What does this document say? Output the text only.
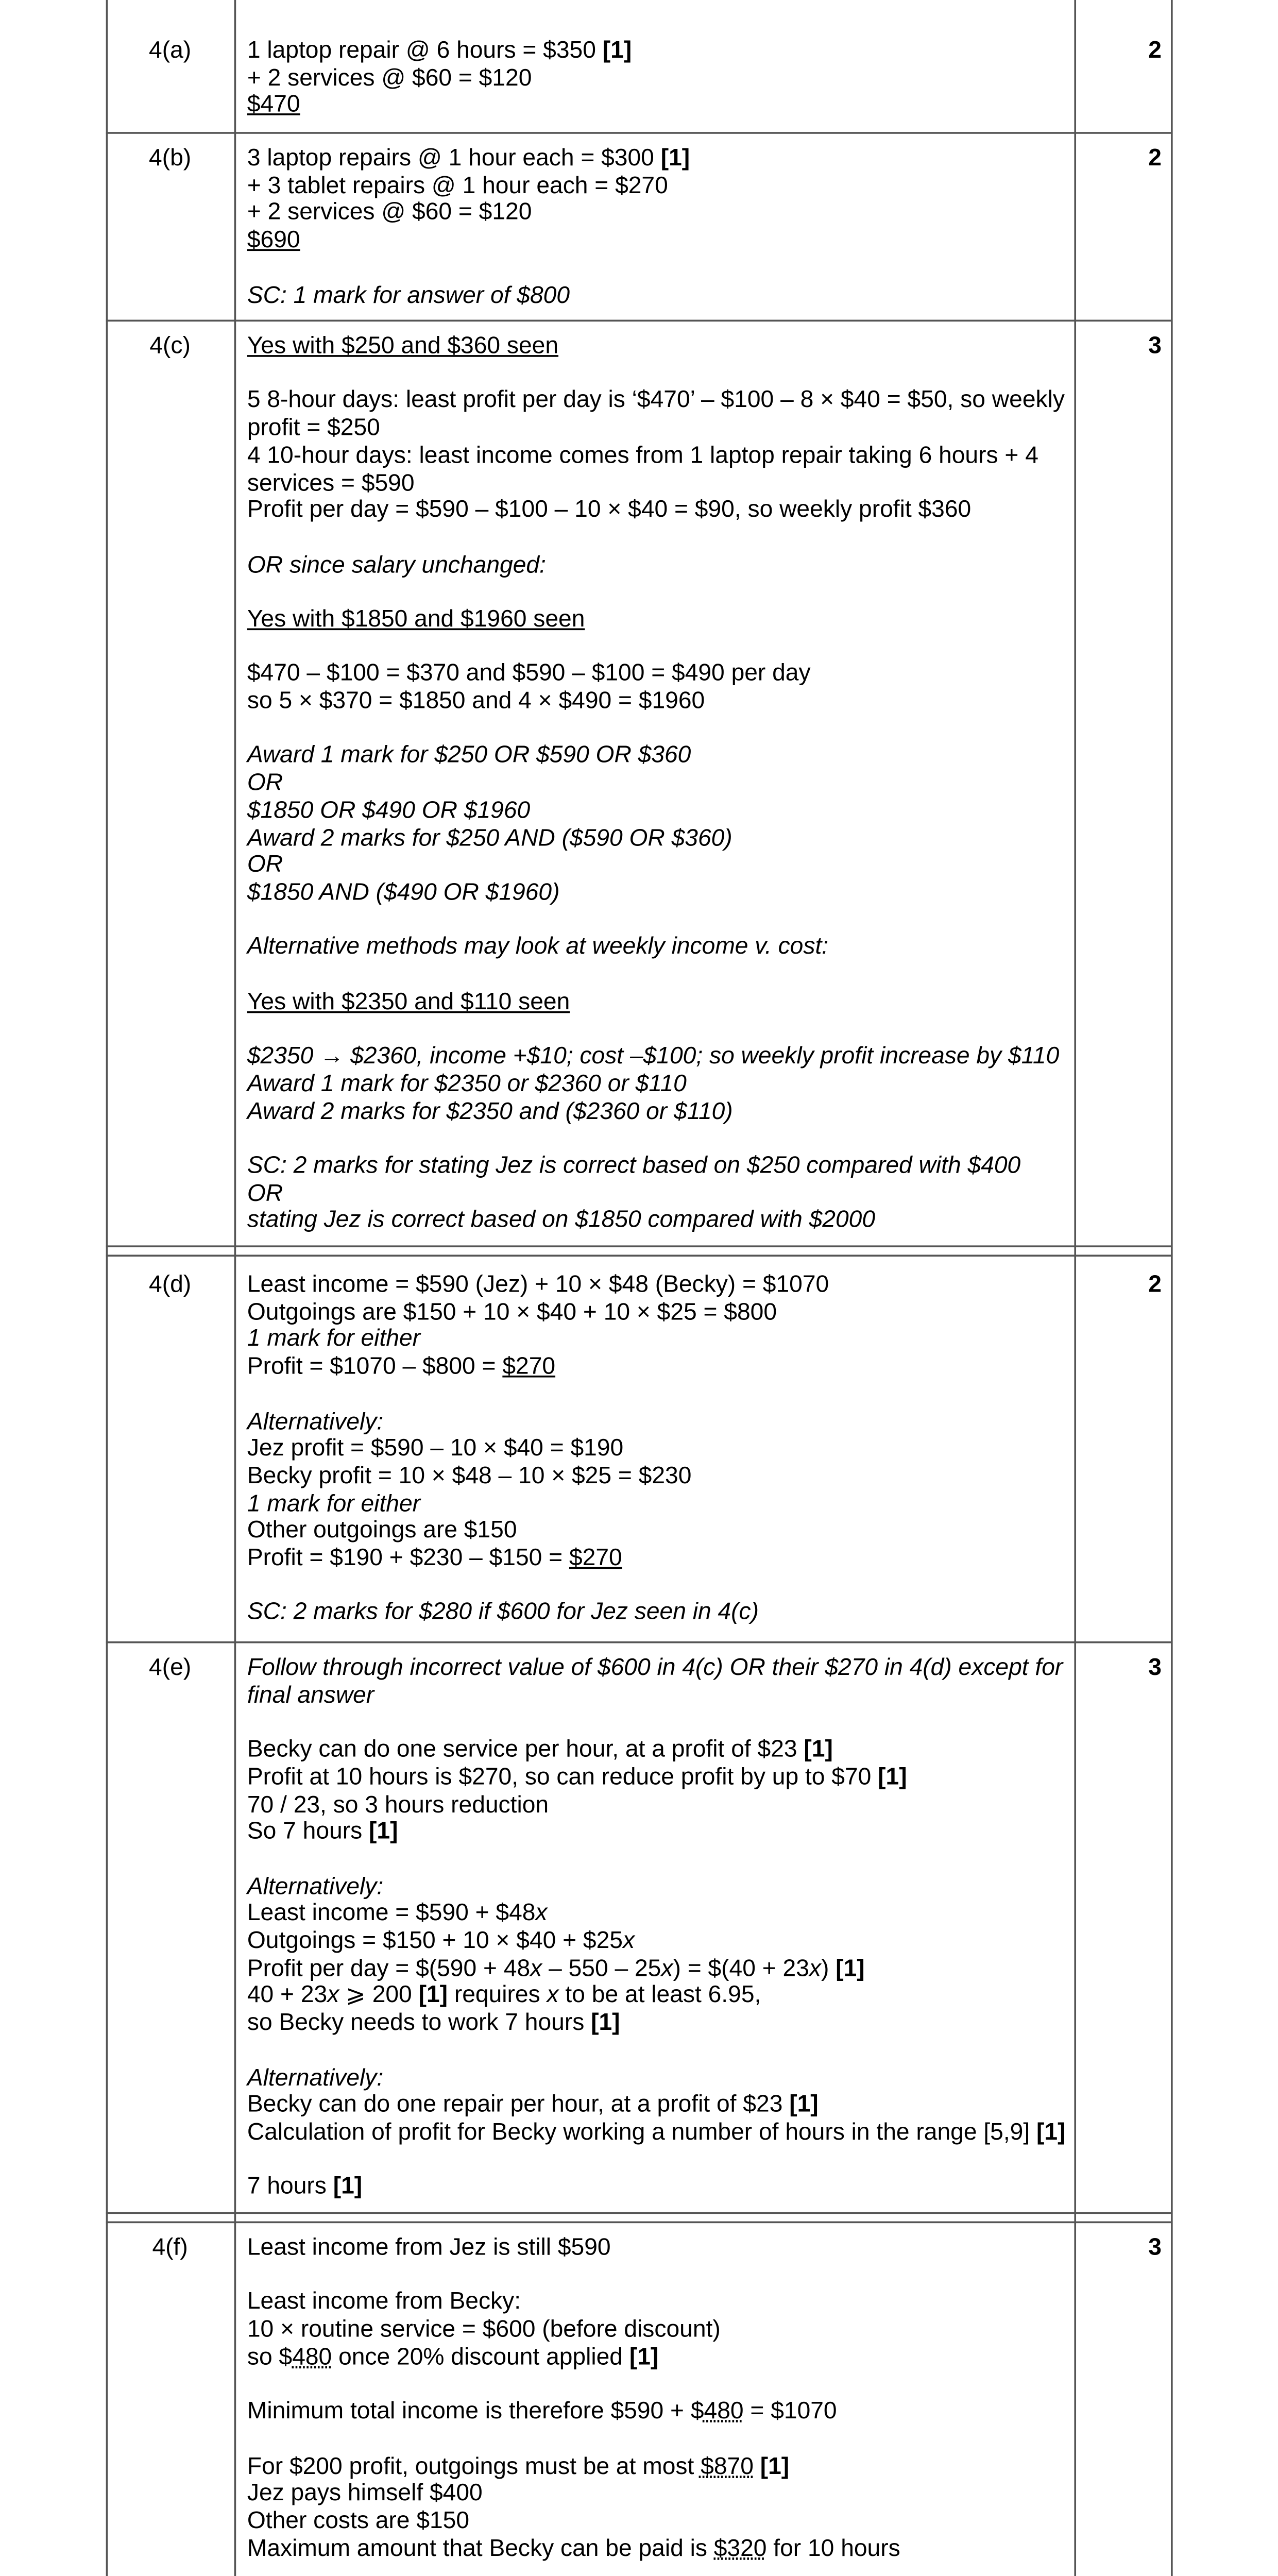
4(a)	1 laptop repair @ 6 hours = $350 [1]
+ 2 services @ $60 = $120
$470
2
4(b)	3 laptop repairs @ 1 hour each = $300 [1]
+ 3 tablet repairs @ 1 hour each = $270
+ 2 services @ $60 = $120
$690
SC: 1 mark for answer of $800
2
4(c)	Yes with $250 and $360 seen
5 8-hour days: least profit per day is ‘$470’ – $100 – 8 × $40 = $50, so weekly
profit = $250
4 10-hour days: least income comes from 1 laptop repair taking 6 hours + 4
services = $590
Profit per day = $590 – $100 – 10 × $40 = $90, so weekly profit $360
OR since salary unchanged:
Yes with $1850 and $1960 seen
$470 – $100 = $370 and $590 – $100 = $490 per day
so 5 × $370 = $1850 and 4 × $490 = $1960
Award 1 mark for $250 OR $590 OR $360
OR
$1850 OR $490 OR $1960
Award 2 marks for $250 AND ($590 OR $360)
OR
$1850 AND ($490 OR $1960)
Alternative methods may look at weekly income v. cost:
Yes with $2350 and $110 seen
$2350 → $2360, income +$10; cost –$100; so weekly profit increase by $110
Award 1 mark for $2350 or $2360 or $110
Award 2 marks for $2350 and ($2360 or $110)
SC: 2 marks for stating Jez is correct based on $250 compared with $400
OR
stating Jez is correct based on $1850 compared with $2000
3
4(d)	Least income = $590 (Jez) + 10 × $48 (Becky) = $1070
Outgoings are $150 + 10 × $40 + 10 × $25 = $800
1 mark for either
Profit = $1070 – $800 = $270
Alternatively:
Jez profit = $590 – 10 × $40 = $190
Becky profit = 10 × $48 – 10 × $25 = $230
1 mark for either
Other outgoings are $150
Profit = $190 + $230 – $150 = $270
SC: 2 marks for $280 if $600 for Jez seen in 4(c)
2
4(e)	Follow through incorrect value of $600 in 4(c) OR their $270 in 4(d) except for
final answer
Becky can do one service per hour, at a profit of $23 [1]
Profit at 10 hours is $270, so can reduce profit by up to $70 [1]
70 / 23, so 3 hours reduction
So 7 hours [1]
Alternatively:
Least income = $590 + $48x
Outgoings = $150 + 10 × $40 + $25x
Profit per day = $(590 + 48x – 550 – 25x) = $(40 + 23x) [1]
40 + 23x ⩾ 200 [1] requires x to be at least 6.95,
so Becky needs to work 7 hours [1]
Alternatively:
Becky can do one repair per hour, at a profit of $23 [1]
Calculation of profit for Becky working a number of hours in the range [5,9] [1]
7 hours [1]
3
4(f)	Least income from Jez is still $590
Least income from Becky:
10 × routine service = $600 (before discount)
so $480 once 20% discount applied [1]
Minimum total income is therefore $590 + $480 = $1070
For $200 profit, outgoings must be at most $870 [1]
Jez pays himself $400
Other costs are $150
Maximum amount that Becky can be paid is $320 for 10 hours
3
